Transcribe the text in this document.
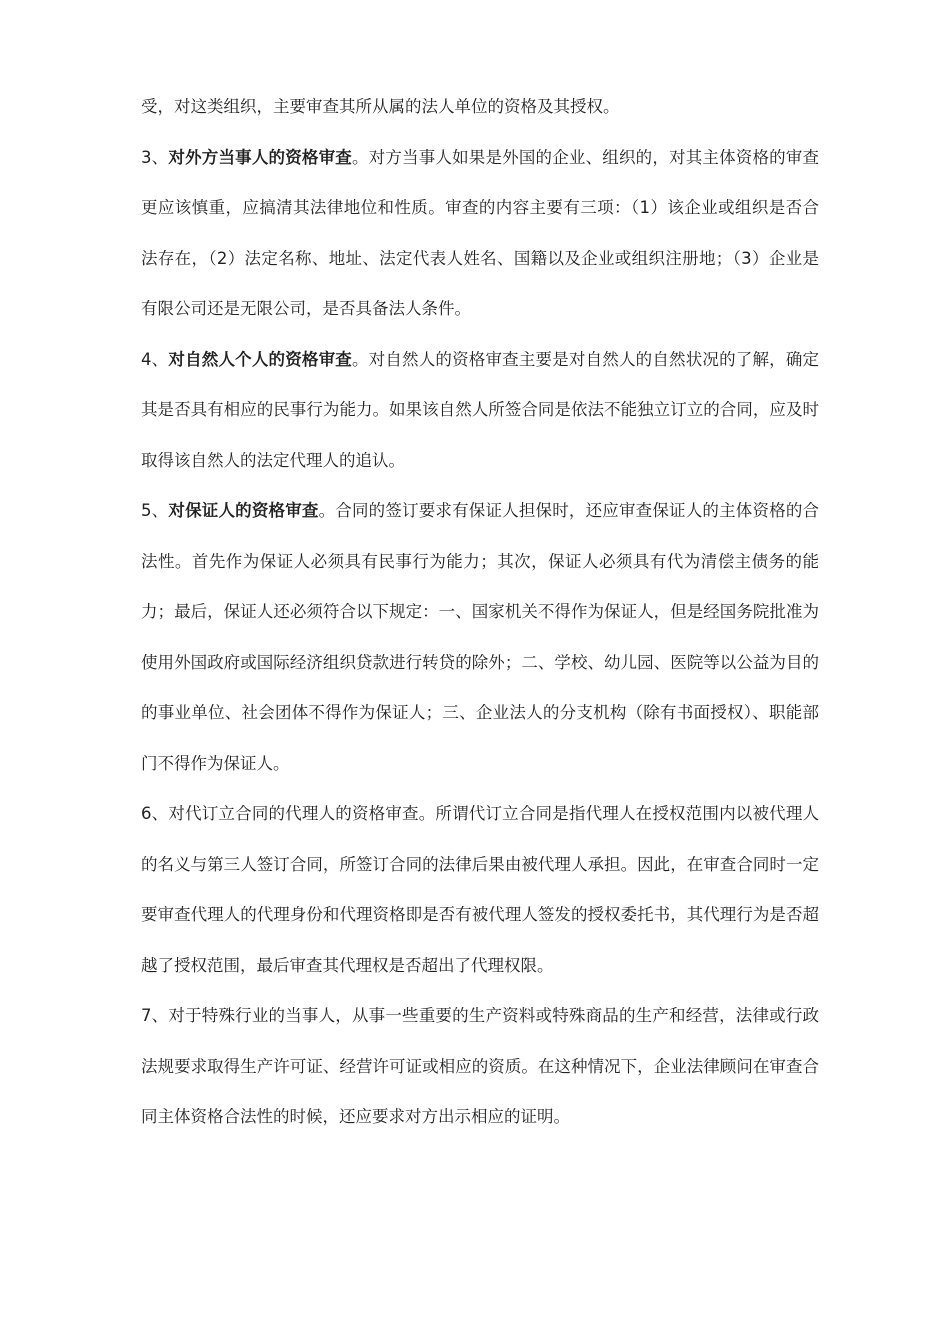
受，对这类组织，主要审查其所从属的法人单位的资格及其授权。

3、对外方当事人的资格审查。对方当事人如果是外国的企业、组织的，对其主体资格的审查更应该慎重，应搞清其法律地位和性质。审查的内容主要有三项：（1）该企业或组织是否合法存在，（2）法定名称、地址、法定代表人姓名、国籍以及企业或组织注册地；（3）企业是有限公司还是无限公司，是否具备法人条件。

4、对自然人个人的资格审查。对自然人的资格审查主要是对自然人的自然状况的了解，确定其是否具有相应的民事行为能力。如果该自然人所签合同是依法不能独立订立的合同，应及时取得该自然人的法定代理人的追认。

5、对保证人的资格审查。合同的签订要求有保证人担保时，还应审查保证人的主体资格的合法性。首先作为保证人必须具有民事行为能力；其次，保证人必须具有代为清偿主债务的能力；最后，保证人还必须符合以下规定：一、国家机关不得作为保证人，但是经国务院批准为使用外国政府或国际经济组织贷款进行转贷的除外；二、学校、幼儿园、医院等以公益为目的的事业单位、社会团体不得作为保证人；三、企业法人的分支机构（除有书面授权）、职能部门不得作为保证人。

6、对代订立合同的代理人的资格审查。所谓代订立合同是指代理人在授权范围内以被代理人的名义与第三人签订合同，所签订合同的法律后果由被代理人承担。因此，在审查合同时一定要审查代理人的代理身份和代理资格即是否有被代理人签发的授权委托书，其代理行为是否超越了授权范围，最后审查其代理权是否超出了代理权限。

7、对于特殊行业的当事人，从事一些重要的生产资料或特殊商品的生产和经营，法律或行政法规要求取得生产许可证、经营许可证或相应的资质。在这种情况下，企业法律顾问在审查合同主体资格合法性的时候，还应要求对方出示相应的证明。
